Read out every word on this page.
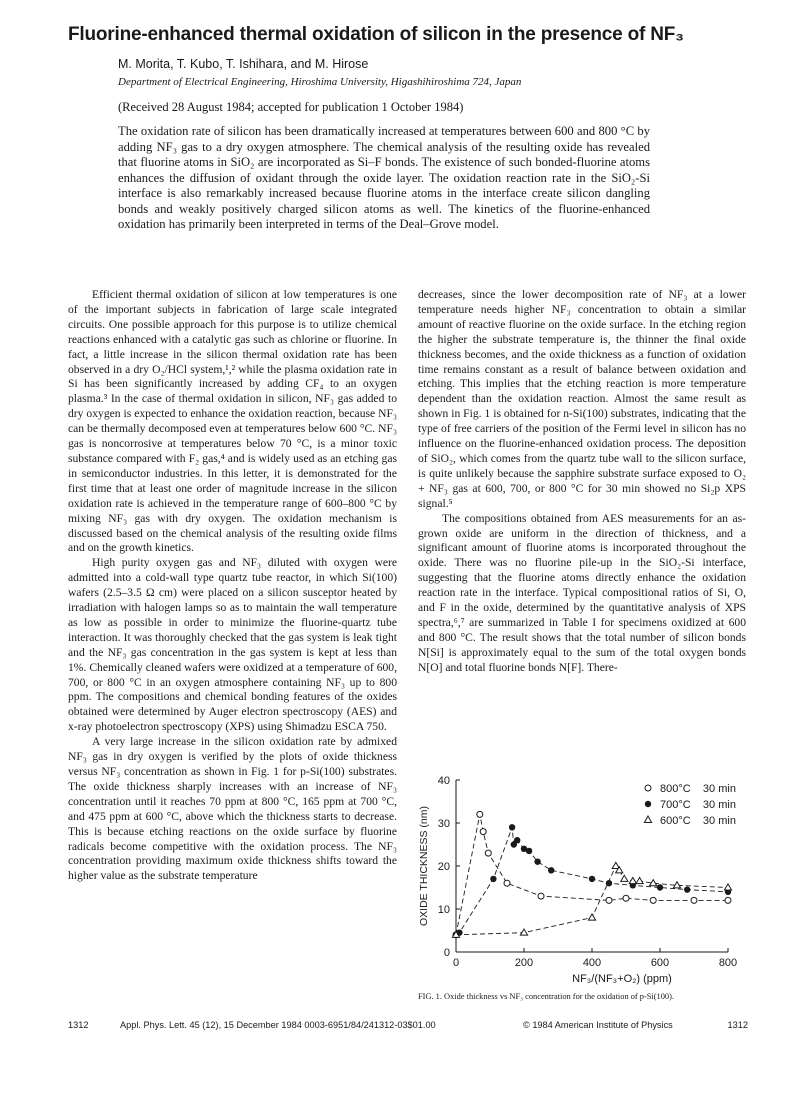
Fluorine-enhanced thermal oxidation of silicon in the presence of NF₃
M. Morita, T. Kubo, T. Ishihara, and M. Hirose
Department of Electrical Engineering, Hiroshima University, Higashihiroshima 724, Japan
(Received 28 August 1984; accepted for publication 1 October 1984)
The oxidation rate of silicon has been dramatically increased at temperatures between 600 and 800 °C by adding NF₃ gas to a dry oxygen atmosphere. The chemical analysis of the resulting oxide has revealed that fluorine atoms in SiO₂ are incorporated as Si–F bonds. The existence of such bonded-fluorine atoms enhances the diffusion of oxidant through the oxide layer. The oxidation reaction rate in the SiO₂-Si interface is also remarkably increased because fluorine atoms in the interface create silicon dangling bonds and weakly positively charged silicon atoms as well. The kinetics of the fluorine-enhanced oxidation has primarily been interpreted in terms of the Deal–Grove model.

Efficient thermal oxidation of silicon at low temperatures is one of the important subjects in fabrication of large scale integrated circuits. One possible approach for this purpose is to utilize chemical reactions enhanced with a catalytic gas such as chlorine or fluorine. In fact, a little increase in the silicon thermal oxidation rate has been observed in a dry O₂/HCl system,¹,² while the plasma oxidation rate in Si has been significantly increased by adding CF₄ to an oxygen plasma.³ In the case of thermal oxidation in silicon, NF₃ gas added to dry oxygen is expected to enhance the oxidation reaction, because NF₃ can be thermally decomposed even at temperatures below 600 °C. NF₃ gas is noncorrosive at temperatures below 70 °C, is a minor toxic substance compared with F₂ gas,⁴ and is widely used as an etching gas in semiconductor industries. In this letter, it is demonstrated for the first time that at least one order of magnitude increase in the silicon oxidation rate is achieved in the temperature range of 600–800 °C by mixing NF₃ gas with dry oxygen. The oxidation mechanism is discussed based on the chemical analysis of the resulting oxide films and on the growth kinetics.

High purity oxygen gas and NF₃ diluted with oxygen were admitted into a cold-wall type quartz tube reactor, in which Si(100) wafers (2.5–3.5 Ω cm) were placed on a silicon susceptor heated by irradiation with halogen lamps so as to maintain the wall temperature as low as possible in order to minimize the fluorine-quartz tube interaction. It was thoroughly checked that the gas system is leak tight and the NF₃ gas concentration in the gas system is kept at less than 1%. Chemically cleaned wafers were oxidized at a temperature of 600, 700, or 800 °C in an oxygen atmosphere containing NF₃ up to 800 ppm. The compositions and chemical bonding features of the oxides obtained were determined by Auger electron spectroscopy (AES) and x-ray photoelectron spectroscopy (XPS) using Shimadzu ESCA 750.

A very large increase in the silicon oxidation rate by admixed NF₃ gas in dry oxygen is verified by the plots of oxide thickness versus NF₃ concentration as shown in Fig. 1 for p-Si(100) substrates. The oxide thickness sharply increases with an increase of NF₃ concentration until it reaches 70 ppm at 800 °C, 165 ppm at 700 °C, and 475 ppm at 600 °C, above which the thickness starts to decrease. This is because etching reactions on the oxide surface by fluorine radicals become competitive with the oxidation process. The NF₃ concentration providing maximum oxide thickness shifts toward the higher value as the substrate temperature

decreases, since the lower decomposition rate of NF₃ at a lower temperature needs higher NF₃ concentration to obtain a similar amount of reactive fluorine on the oxide surface. In the etching region the higher the substrate temperature is, the thinner the final oxide thickness becomes, and the oxide thickness as a function of oxidation time remains constant as a result of balance between oxidation and etching. This implies that the etching reaction is more temperature dependent than the oxidation reaction. Almost the same result as shown in Fig. 1 is obtained for n-Si(100) substrates, indicating that the type of free carriers of the position of the Fermi level in silicon has no influence on the fluorine-enhanced oxidation process. The deposition of SiO₂, which comes from the quartz tube wall to the silicon surface, is quite unlikely because the sapphire substrate surface exposed to O₂ + NF₃ gas at 600, 700, or 800 °C for 30 min showed no Si₂p XPS signal.⁵

The compositions obtained from AES measurements for an as-grown oxide are uniform in the direction of thickness, and a significant amount of fluorine atoms is incorporated throughout the oxide. There was no fluorine pile-up in the SiO₂-Si interface, suggesting that the fluorine atoms directly enhance the oxidation reaction rate in the interface. Typical compositional ratios of Si, O, and F in the oxide, determined by the quantitative analysis of XPS spectra,⁶,⁷ are summarized in Table I for specimens oxidized at 600 and 800 °C. The result shows that the total number of silicon bonds N[Si] is approximately equal to the sum of the total oxygen bonds N[O] and total fluorine bonds N[F]. There-

0	200	400	600	800
0
10
20
30
40
NF₃/(NF₃+O₂) (ppm)
OXIDE THICKNESS (nm)
800°C    30 min
700°C    30 min
600°C    30 min
FIG. 1. Oxide thickness vs NF₃ concentration for the oxidation of p-Si(100).
1312	Appl. Phys. Lett. 45 (12), 15 December 1984 0003-6951/84/241312-03$01.00	© 1984 American Institute of Physics	1312
